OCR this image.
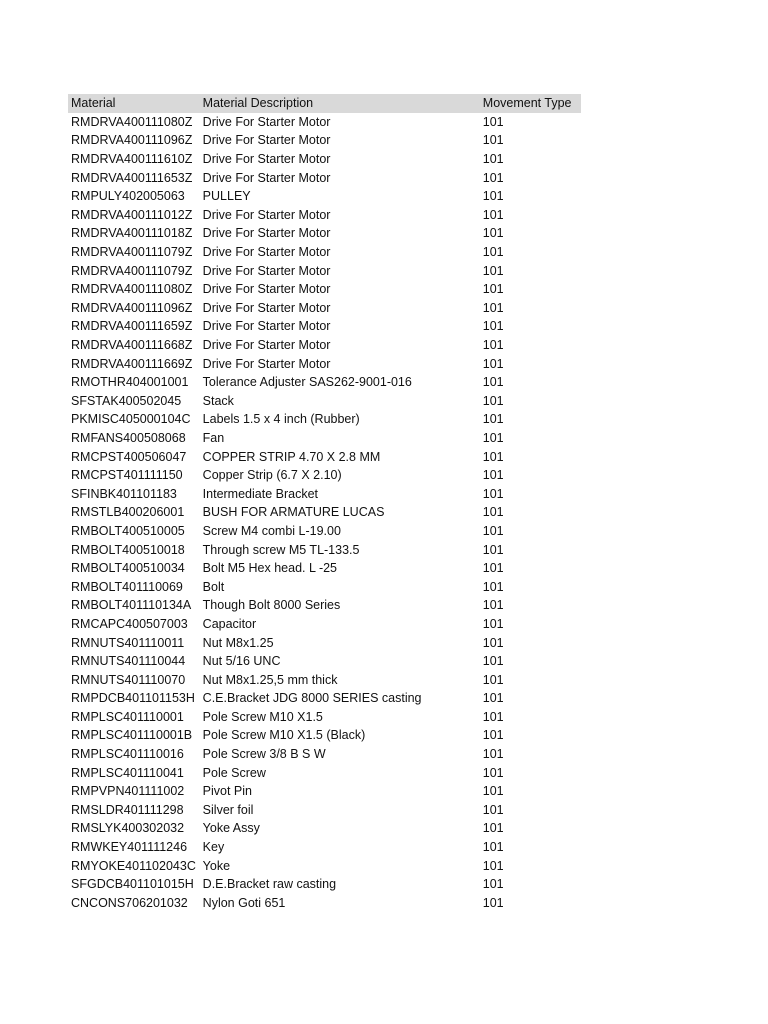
Material	Material Description	Movement Type
RMDRVA400111080Z	Drive For Starter Motor	101
RMDRVA400111096Z	Drive For Starter Motor	101
RMDRVA400111610Z	Drive For Starter Motor	101
RMDRVA400111653Z	Drive For Starter Motor	101
RMPULY402005063	PULLEY	101
RMDRVA400111012Z	Drive For Starter Motor	101
RMDRVA400111018Z	Drive For Starter Motor	101
RMDRVA400111079Z	Drive For Starter Motor	101
RMDRVA400111079Z	Drive For Starter Motor	101
RMDRVA400111080Z	Drive For Starter Motor	101
RMDRVA400111096Z	Drive For Starter Motor	101
RMDRVA400111659Z	Drive For Starter Motor	101
RMDRVA400111668Z	Drive For Starter Motor	101
RMDRVA400111669Z	Drive For Starter Motor	101
RMOTHR404001001	Tolerance Adjuster SAS262-9001-016	101
SFSTAK400502045	Stack	101
PKMISC405000104C	Labels 1.5 x 4 inch (Rubber)	101
RMFANS400508068	Fan	101
RMCPST400506047	COPPER STRIP 4.70 X 2.8 MM	101
RMCPST401111150	Copper Strip (6.7 X 2.10)	101
SFINBK401101183	Intermediate Bracket	101
RMSTLB400206001	BUSH FOR ARMATURE LUCAS	101
RMBOLT400510005	Screw M4 combi L-19.00	101
RMBOLT400510018	Through screw M5 TL-133.5	101
RMBOLT400510034	Bolt M5 Hex head. L -25	101
RMBOLT401110069	Bolt	101
RMBOLT401110134A	Though Bolt 8000 Series	101
RMCAPC400507003	Capacitor	101
RMNUTS401110011	Nut M8x1.25	101
RMNUTS401110044	Nut 5/16 UNC	101
RMNUTS401110070	Nut M8x1.25,5 mm thick	101
RMPDCB401101153H	C.E.Bracket JDG 8000 SERIES casting	101
RMPLSC401110001	Pole Screw M10 X1.5	101
RMPLSC401110001B	Pole Screw M10 X1.5 (Black)	101
RMPLSC401110016	Pole Screw 3/8 B S W	101
RMPLSC401110041	Pole Screw	101
RMPVPN401111002	Pivot Pin	101
RMSLDR401111298	Silver foil	101
RMSLYK400302032	Yoke Assy	101
RMWKEY401111246	Key	101
RMYOKE401102043C	Yoke	101
SFGDCB401101015H	D.E.Bracket raw casting	101
CNCONS706201032	Nylon Goti 651	101
